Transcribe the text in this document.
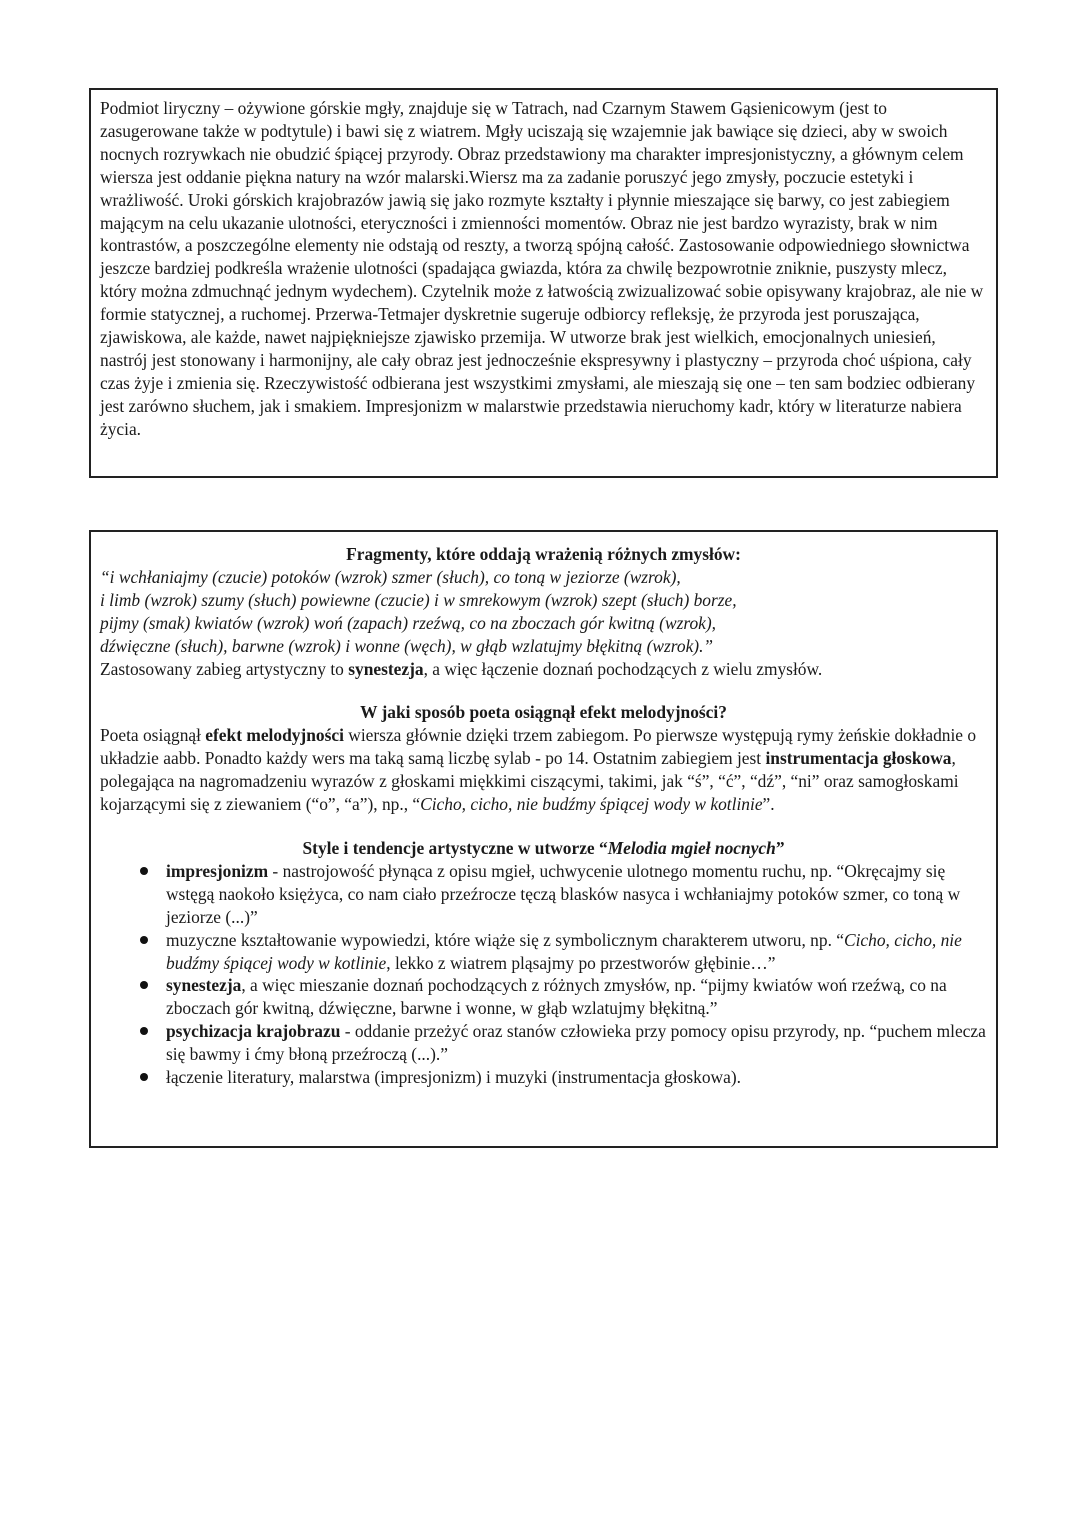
Podmiot liryczny – ożywione górskie mgły, znajduje się w Tatrach, nad Czarnym Stawem Gąsienicowym (jest to zasugerowane także w podtytule) i bawi się z wiatrem. Mgły uciszają się wzajemnie jak bawiące się dzieci, aby w swoich nocnych rozrywkach nie obudzić śpiącej przyrody. Obraz przedstawiony ma charakter impresjonistyczny, a głównym celem wiersza jest oddanie piękna natury na wzór malarski.Wiersz ma za zadanie poruszyć jego zmysły, poczucie estetyki i wrażliwość. Uroki górskich krajobrazów jawią się jako rozmyte kształty i płynnie mieszające się barwy, co jest zabiegiem mającym na celu ukazanie ulotności, eteryczności i zmienności momentów. Obraz nie jest bardzo wyrazisty, brak w nim kontrastów, a poszczególne elementy nie odstają od reszty, a tworzą spójną całość. Zastosowanie odpowiedniego słownictwa jeszcze bardziej podkreśla wrażenie ulotności (spadająca gwiazda, która za chwilę bezpowrotnie zniknie, puszysty mlecz, który można zdmuchnąć jednym wydechem). Czytelnik może z łatwością zwizualizować sobie opisywany krajobraz, ale nie w formie statycznej, a ruchomej. Przerwa-Tetmajer dyskretnie sugeruje odbiorcy refleksję, że przyroda jest poruszająca, zjawiskowa, ale każde, nawet najpiękniejsze zjawisko przemija. W utworze brak jest wielkich, emocjonalnych uniesień, nastrój jest stonowany i harmonijny, ale cały obraz jest jednocześnie ekspresywny i plastyczny – przyroda choć uśpiona, cały czas żyje i zmienia się. Rzeczywistość odbierana jest wszystkimi zmysłami, ale mieszają się one – ten sam bodziec odbierany jest zarówno słuchem, jak i smakiem. Impresjonizm w malarstwie przedstawia nieruchomy kadr, który w literaturze nabiera życia.

Fragmenty, które oddają wrażenią różnych zmysłów:

“i wchłaniajmy (czucie) potoków (wzrok) szmer (słuch), co toną w jeziorze (wzrok),
i limb (wzrok) szumy (słuch) powiewne (czucie) i w smrekowym (wzrok) szept (słuch) borze,
pijmy (smak) kwiatów (wzrok) woń (zapach) rzeźwą, co na zboczach gór kwitną (wzrok),
dźwięczne (słuch), barwne (wzrok) i wonne (węch), w głąb wzlatujmy błękitną (wzrok).”

Zastosowany zabieg artystyczny to synestezja, a więc łączenie doznań pochodzących z wielu zmysłów.

W jaki sposób poeta osiągnął efekt melodyjności?

Poeta osiągnął efekt melodyjności wiersza głównie dzięki trzem zabiegom. Po pierwsze występują rymy żeńskie dokładnie o układzie aabb. Ponadto każdy wers ma taką samą liczbę sylab - po 14. Ostatnim zabiegiem jest instrumentacja głoskowa, polegająca na nagromadzeniu wyrazów z głoskami miękkimi ciszącymi, takimi, jak “ś”, “ć”, “dź”, “ni” oraz samogłoskami kojarzącymi się z ziewaniem (“o”, “a”), np., “Cicho, cicho, nie budźmy śpiącej wody w kotlinie”.

Style i tendencje artystyczne w utworze “Melodia mgieł nocnych”

impresjonizm - nastrojowość płynąca z opisu mgieł, uchwycenie ulotnego momentu ruchu, np. “Okręcajmy się wstęgą naokoło księżyca, co nam ciało przeźrocze tęczą blasków nasyca i wchłaniajmy potoków szmer, co toną w jeziorze (...)”
muzyczne kształtowanie wypowiedzi, które wiąże się z symbolicznym charakterem utworu, np. “Cicho, cicho, nie budźmy śpiącej wody w kotlinie, lekko z wiatrem pląsajmy po przestworów głębinie…”
synestezja, a więc mieszanie doznań pochodzących z różnych zmysłów, np. “pijmy kwiatów woń rzeźwą, co na zboczach gór kwitną, dźwięczne, barwne i wonne, w głąb wzlatujmy błękitną.”
psychizacja krajobrazu - oddanie przeżyć oraz stanów człowieka przy pomocy opisu przyrody, np. “puchem mlecza się bawmy i ćmy błoną przeźroczą (...).”
łączenie literatury, malarstwa (impresjonizm) i muzyki (instrumentacja głoskowa).
